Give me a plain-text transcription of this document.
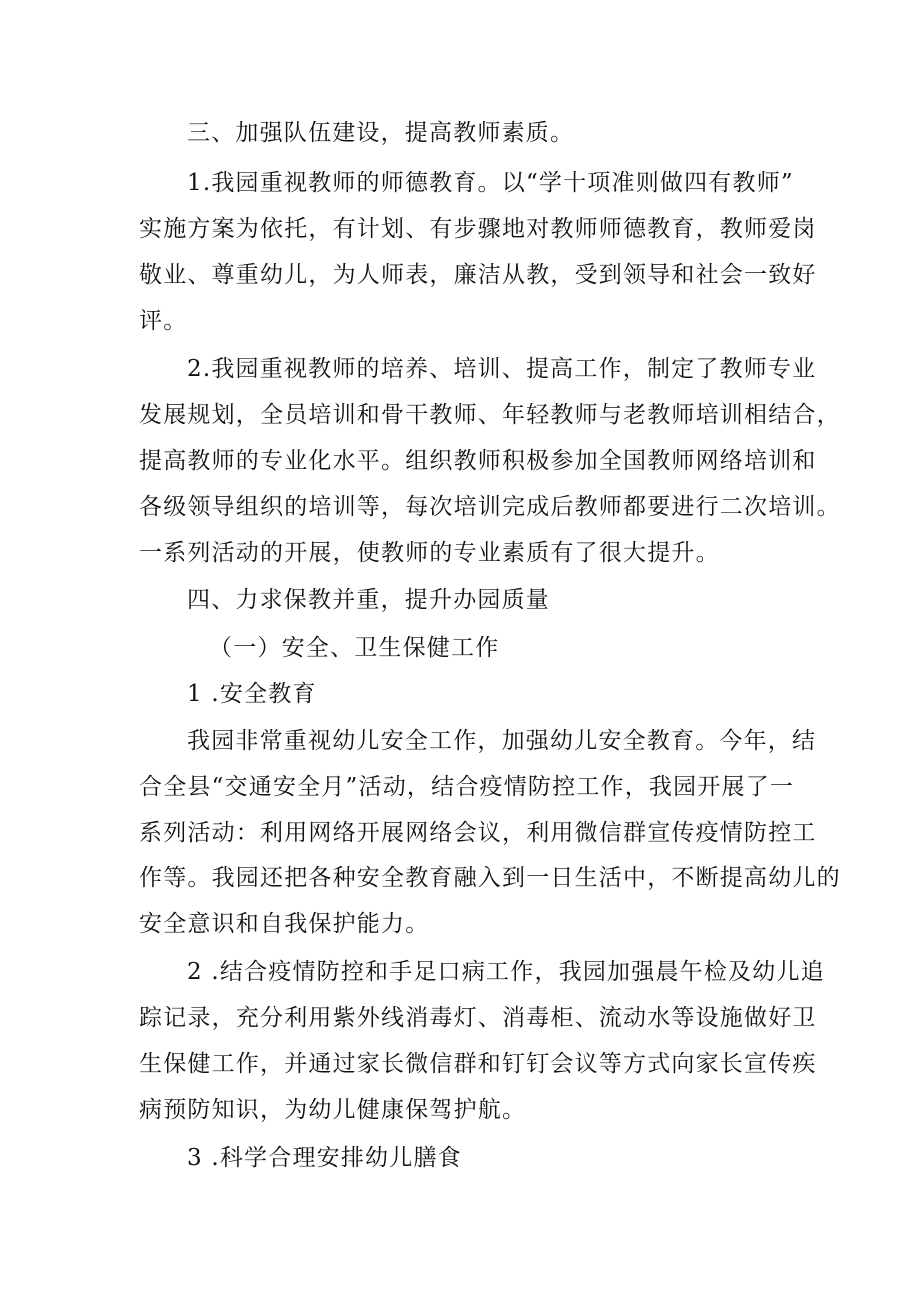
三、加强队伍建设，提高教师素质。
1.我园重视教师的师德教育。以“学十项准则做四有教师”
实施方案为依托，有计划、有步骤地对教师师德教育，教师爱岗
敬业、尊重幼儿，为人师表，廉洁从教，受到领导和社会一致好
评。
2.我园重视教师的培养、培训、提高工作，制定了教师专业
发展规划，全员培训和骨干教师、年轻教师与老教师培训相结合，
提高教师的专业化水平。组织教师积极参加全国教师网络培训和
各级领导组织的培训等，每次培训完成后教师都要进行二次培训。
一系列活动的开展，使教师的专业素质有了很大提升。
四、力求保教并重，提升办园质量
（一）安全、卫生保健工作
1 .安全教育
我园非常重视幼儿安全工作，加强幼儿安全教育。今年，结
合全县“交通安全月”活动，结合疫情防控工作，我园开展了一
系列活动：利用网络开展网络会议，利用微信群宣传疫情防控工
作等。我园还把各种安全教育融入到一日生活中，不断提高幼儿的
安全意识和自我保护能力。
2 .结合疫情防控和手足口病工作，我园加强晨午检及幼儿追
踪记录，充分利用紫外线消毒灯、消毒柜、流动水等设施做好卫
生保健工作，并通过家长微信群和钉钉会议等方式向家长宣传疾
病预防知识，为幼儿健康保驾护航。
3 .科学合理安排幼儿膳食
